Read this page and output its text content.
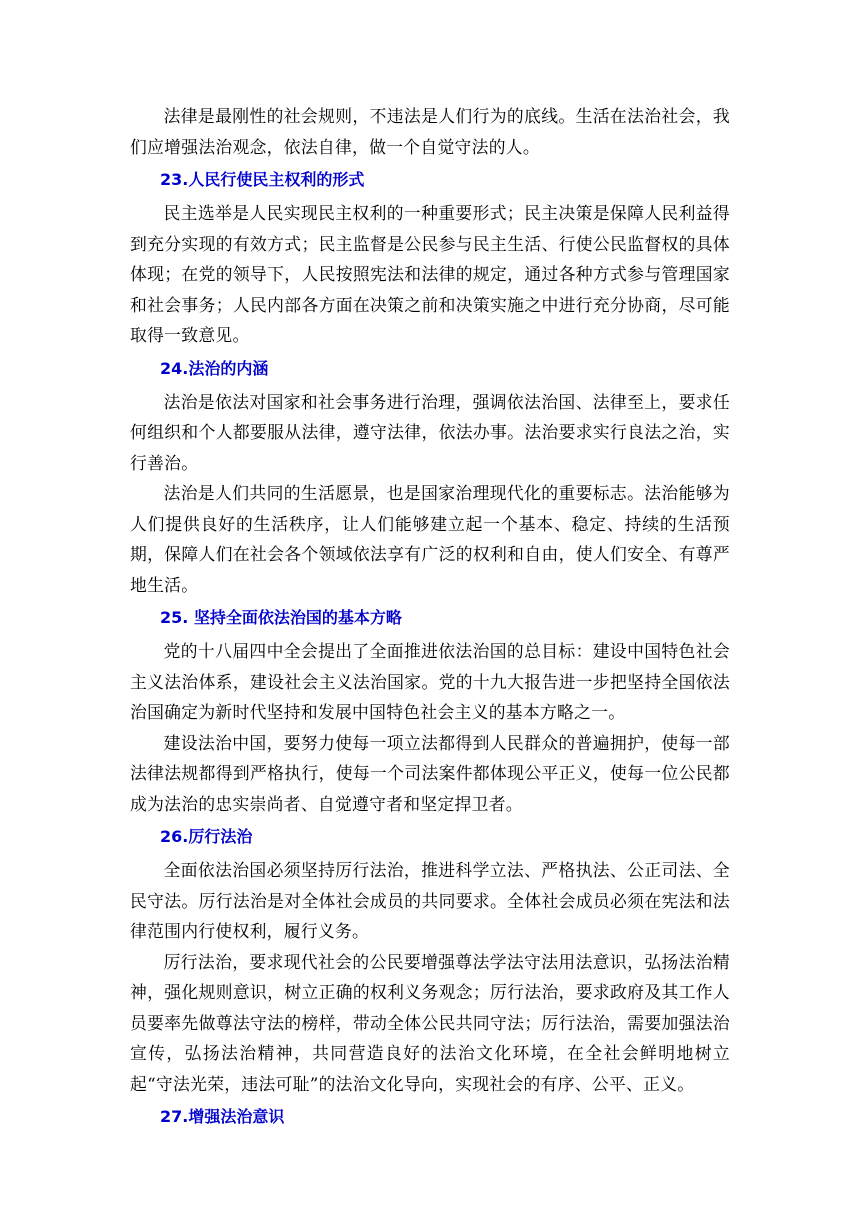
法律是最刚性的社会规则，不违法是人们行为的底线。生活在法治社会，我们应增强法治观念，依法自律，做一个自觉守法的人。

23.人民行使民主权利的形式

民主选举是人民实现民主权利的一种重要形式；民主决策是保障人民利益得到充分实现的有效方式；民主监督是公民参与民主生活、行使公民监督权的具体体现；在党的领导下，人民按照宪法和法律的规定，通过各种方式参与管理国家和社会事务；人民内部各方面在决策之前和决策实施之中进行充分协商，尽可能取得一致意见。

24.法治的内涵

法治是依法对国家和社会事务进行治理，强调依法治国、法律至上，要求任何组织和个人都要服从法律，遵守法律，依法办事。法治要求实行良法之治，实行善治。

法治是人们共同的生活愿景，也是国家治理现代化的重要标志。法治能够为人们提供良好的生活秩序，让人们能够建立起一个基本、稳定、持续的生活预期，保障人们在社会各个领域依法享有广泛的权利和自由，使人们安全、有尊严地生活。

25. 坚持全面依法治国的基本方略

党的十八届四中全会提出了全面推进依法治国的总目标：建设中国特色社会主义法治体系，建设社会主义法治国家。党的十九大报告进一步把坚持全国依法治国确定为新时代坚持和发展中国特色社会主义的基本方略之一。

建设法治中国，要努力使每一项立法都得到人民群众的普遍拥护，使每一部法律法规都得到严格执行，使每一个司法案件都体现公平正义，使每一位公民都成为法治的忠实崇尚者、自觉遵守者和坚定捍卫者。

26.厉行法治

全面依法治国必须坚持厉行法治，推进科学立法、严格执法、公正司法、全民守法。厉行法治是对全体社会成员的共同要求。全体社会成员必须在宪法和法律范围内行使权利，履行义务。

厉行法治，要求现代社会的公民要增强尊法学法守法用法意识，弘扬法治精神，强化规则意识，树立正确的权利义务观念；厉行法治，要求政府及其工作人员要率先做尊法守法的榜样，带动全体公民共同守法；厉行法治，需要加强法治宣传，弘扬法治精神，共同营造良好的法治文化环境，在全社会鲜明地树立起“守法光荣，违法可耻”的法治文化导向，实现社会的有序、公平、正义。

27.增强法治意识
